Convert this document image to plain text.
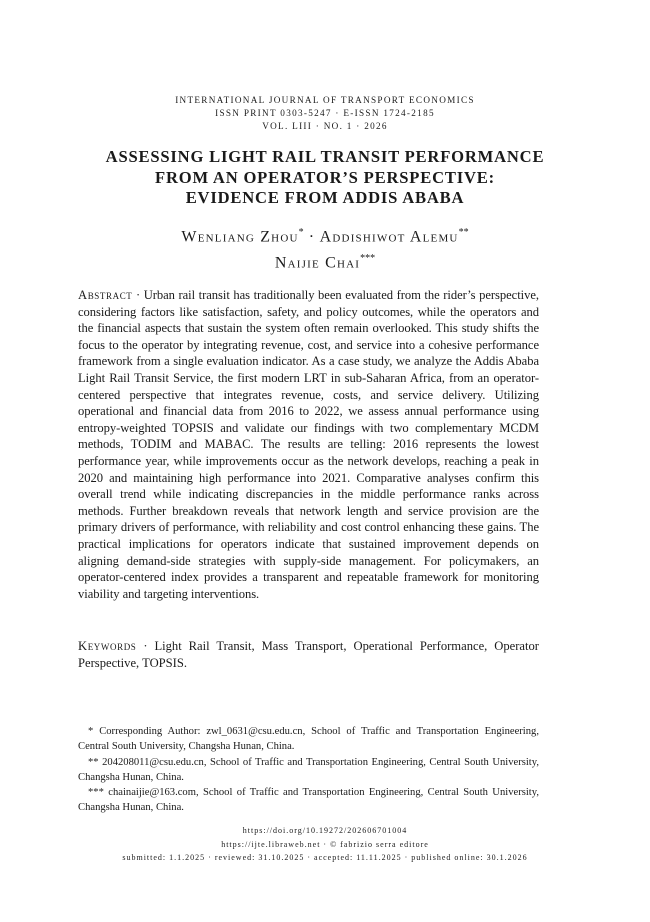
INTERNATIONAL JOURNAL OF TRANSPORT ECONOMICS
ISSN PRINT 0303-5247 · E-ISSN 1724-2185
VOL. LIII · NO. 1 · 2026
ASSESSING LIGHT RAIL TRANSIT PERFORMANCE
FROM AN OPERATOR’S PERSPECTIVE:
EVIDENCE FROM ADDIS ABABA
Wenliang Zhou* · Addishiwot Alemu**
Naijie Chai***
Abstract · Urban rail transit has traditionally been evaluated from the rider’s perspective, considering factors like satisfaction, safety, and policy outcomes, while the operators and the financial aspects that sustain the system often remain overlooked. This study shifts the focus to the operator by integrating revenue, cost, and service into a cohesive performance framework from a single evaluation indicator. As a case study, we analyze the Addis Ababa Light Rail Transit Service, the first modern LRT in sub-Saharan Africa, from an operator-centered perspective that integrates revenue, costs, and service delivery. Utilizing operational and financial data from 2016 to 2022, we assess annual performance using entropy-weighted TOPSIS and validate our findings with two complementary MCDM methods, TODIM and MABAC. The results are telling: 2016 represents the lowest performance year, while improvements occur as the network develops, reaching a peak in 2020 and maintaining high performance into 2021. Comparative analyses confirm this overall trend while indicating discrepancies in the middle performance ranks across methods. Further breakdown reveals that network length and service provision are the primary drivers of performance, with reliability and cost control enhancing these gains. The practical implications for operators indicate that sustained improvement depends on aligning demand-side strategies with supply-side management. For policymakers, an operator-centered index provides a transparent and repeatable framework for monitoring viability and targeting interventions.
Keywords · Light Rail Transit, Mass Transport, Operational Performance, Operator Perspective, TOPSIS.

* Corresponding Author: zwl_0631@csu.edu.cn, School of Traffic and Transportation Engineering, Central South University, Changsha Hunan, China.

** 204208011@csu.edu.cn, School of Traffic and Transportation Engineering, Central South University, Changsha Hunan, China.

*** chainaijie@163.com, School of Traffic and Transportation Engineering, Central South University, Changsha Hunan, China.

https://doi.org/10.19272/202606701004
https://ijte.libraweb.net · © fabrizio serra editore
submitted: 1.1.2025 · reviewed: 31.10.2025 · accepted: 11.11.2025 · published online: 30.1.2026
